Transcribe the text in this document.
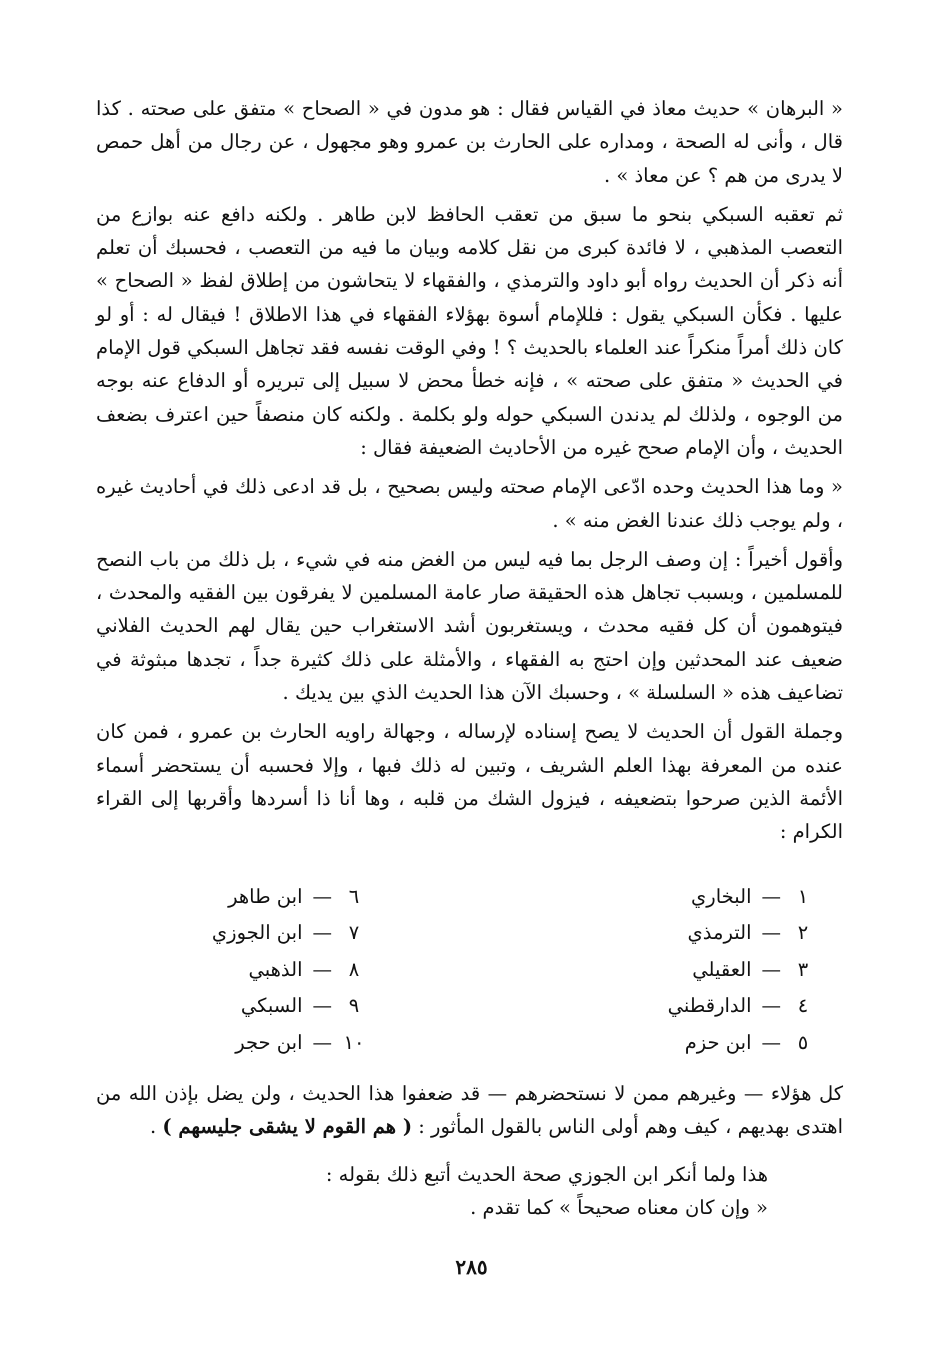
« البرهان » حديث معاذ في القياس فقال : هو مدون في « الصحاح » متفق على صحته . كذا قال ، وأنى له الصحة ، ومداره على الحارث بن عمرو وهو مجهول ، عن رجال من أهل حمص لا يدرى من هم ؟ عن معاذ » .

ثم تعقبه السبكي بنحو ما سبق من تعقب الحافظ لابن طاهر . ولكنه دافع عنه بوازع من التعصب المذهبي ، لا فائدة كبرى من نقل كلامه وبيان ما فيه من التعصب ، فحسبك أن تعلم أنه ذكر أن الحديث رواه أبو داود والترمذي ، والفقهاء لا يتحاشون من إطلاق لفظ « الصحاح » عليها . فكأن السبكي يقول : فللإمام أسوة بهؤلاء الفقهاء في هذا الاطلاق ! فيقال له : أو لو كان ذلك أمراً منكراً عند العلماء بالحديث ؟ ! وفي الوقت نفسه فقد تجاهل السبكي قول الإمام في الحديث « متفق على صحته » ، فإنه خطأ محض لا سبيل إلى تبريره أو الدفاع عنه بوجه من الوجوه ، ولذلك لم يدندن السبكي حوله ولو بكلمة . ولكنه كان منصفاً حين اعترف بضعف الحديث ، وأن الإمام صحح غيره من الأحاديث الضعيفة فقال :

« وما هذا الحديث وحده ادّعى الإمام صحته وليس بصحيح ، بل قد ادعى ذلك في أحاديث غيره ، ولم يوجب ذلك عندنا الغض منه » .

وأقول أخيراً : إن وصف الرجل بما فيه ليس من الغض منه في شيء ، بل ذلك من باب النصح للمسلمين ، وبسبب تجاهل هذه الحقيقة صار عامة المسلمين لا يفرقون بين الفقيه والمحدث ، فيتوهمون أن كل فقيه محدث ، ويستغربون أشد الاستغراب حين يقال لهم الحديث الفلاني ضعيف عند المحدثين وإن احتج به الفقهاء ، والأمثلة على ذلك كثيرة جداً ، تجدها مبثوثة في تضاعيف هذه « السلسلة » ، وحسبك الآن هذا الحديث الذي بين يديك .

وجملة القول أن الحديث لا يصح إسناده لإرساله ، وجهالة راويه الحارث بن عمرو ، فمن كان عنده من المعرفة بهذا العلم الشريف ، وتبين له ذلك فبها ، وإلا فحسبه أن يستحضر أسماء الأئمة الذين صرحوا بتضعيفه ، فيزول الشك من قلبه ، وها أنا ذا أسردها وأقربها إلى القراء الكرام :

١—البخاري
٢—الترمذي
٣—العقيلي
٤—الدارقطني
٥—ابن حزم
٦—ابن طاهر
٧—ابن الجوزي
٨—الذهبي
٩—السبكي
١٠—ابن حجر

كل هؤلاء — وغيرهم ممن لا نستحضرهم — قد ضعفوا هذا الحديث ، ولن يضل بإذن الله من اهتدى بهديهم ، كيف وهم أولى الناس بالقول المأثور : ( هم القوم لا يشقى جليسهم ) .

هذا ولما أنكر ابن الجوزي صحة الحديث أتبع ذلك بقوله :

« وإن كان معناه صحيحاً » كما تقدم .

٢٨٥
